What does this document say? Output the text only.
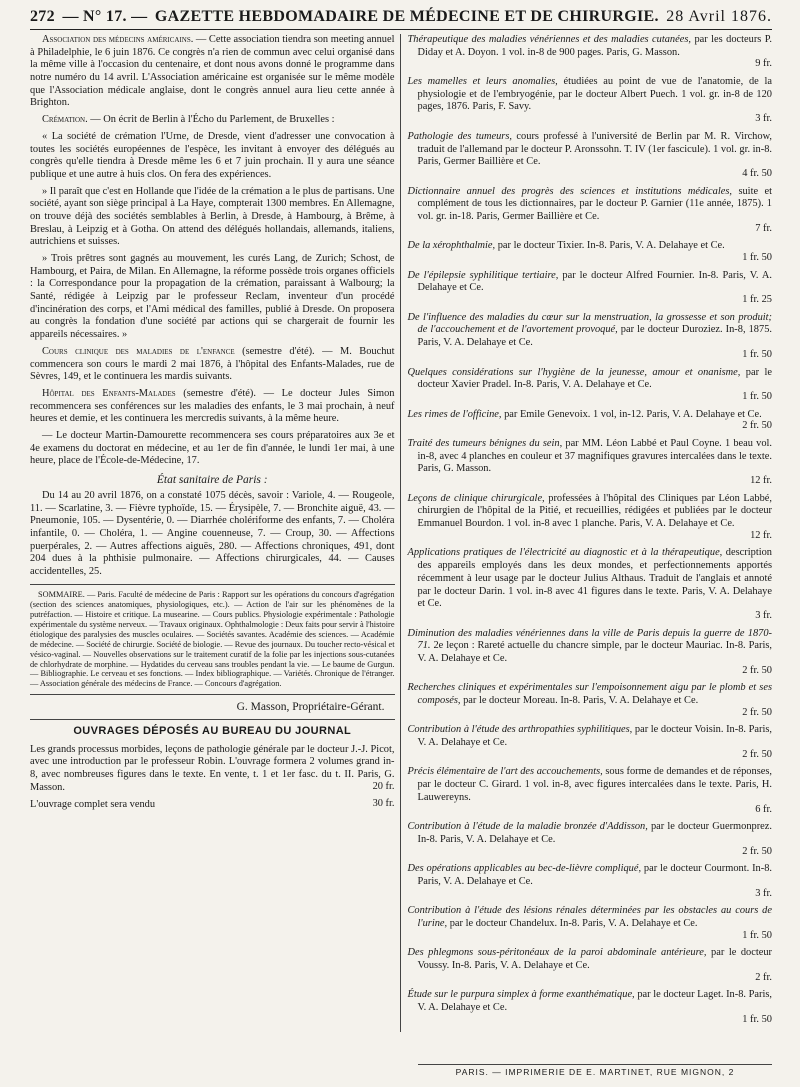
272 — N° 17. — GAZETTE HEBDOMADAIRE DE MÉDECINE ET DE CHIRURGIE. 28 Avril 1876.

Association des médecins américains. — Cette association tiendra son meeting annuel à Philadelphie, le 6 juin 1876. Ce congrès n'a rien de commun avec celui organisé dans la même ville à l'occasion du centenaire, et dont nous avons donné le programme dans notre numéro du 14 avril. L'Association américaine est organisée sur le même modèle que l'Association médicale anglaise, dont le congrès annuel aura lieu cette année à Brighton.

Crémation. — On écrit de Berlin à l'Écho du Parlement, de Bruxelles :

« La société de crémation l'Urne, de Dresde, vient d'adresser une convocation à toutes les sociétés européennes de l'espèce, les invitant à envoyer des délégués au congrès qu'elle tiendra à Dresde même les 6 et 7 juin prochain. Il y aura une séance publique et une autre à huis clos. On fera des expériences.

» Il paraît que c'est en Hollande que l'idée de la crémation a le plus de partisans. Une société, ayant son siège principal à La Haye, compterait 1300 membres. En Allemagne, on trouve déjà des sociétés semblables à Berlin, à Dresde, à Hambourg, à Brême, à Breslau, à Leipzig et à Gotha. On attend des délégués hollandais, allemands, italiens, autrichiens et suisses.

» Trois prêtres sont gagnés au mouvement, les curés Lang, de Zurich; Schost, de Hambourg, et Paira, de Milan. En Allemagne, la réforme possède trois organes officiels : la Correspondance pour la propagation de la crémation, paraissant à Walbourg; la Santé, rédigée à Leipzig par le professeur Reclam, inventeur d'un procédé d'incinération des corps, et l'Ami médical des familles, publié à Dresde. On proposera au congrès la fondation d'une société par actions qui se chargerait de fournir les appareils nécessaires. »

Cours clinique des maladies de l'enfance (semestre d'été). — M. Bouchut commencera son cours le mardi 2 mai 1876, à l'hôpital des Enfants-Malades, rue de Sèvres, 149, et le continuera les mardis suivants.

Hôpital des Enfants-Malades (semestre d'été). — Le docteur Jules Simon recommencera ses conférences sur les maladies des enfants, le 3 mai prochain, à neuf heures et demie, et les continuera les mercredis suivants, à la même heure.

— Le docteur Martin-Damourette recommencera ses cours préparatoires aux 3e et 4e examens du doctorat en médecine, et au 1er de fin d'année, le lundi 1er mai, à une heure, place de l'École-de-Médecine, 17.

État sanitaire de Paris :

Du 14 au 20 avril 1876, on a constaté 1075 décès, savoir : Variole, 4. — Rougeole, 11. — Scarlatine, 3. — Fièvre typhoïde, 15. — Érysipèle, 7. — Bronchite aiguë, 43. — Pneumonie, 105. — Dysentérie, 0. — Diarrhée cholériforme des enfants, 7. — Choléra infantile, 0. — Choléra, 1. — Angine couenneuse, 7. — Croup, 30. — Affections puerpérales, 2. — Autres affections aiguës, 280. — Affections chroniques, 491, dont 204 dues à la phthisie pulmonaire. — Affections chirurgicales, 44. — Causes accidentelles, 25.

SOMMAIRE. — Paris. Faculté de médecine de Paris : Rapport sur les opérations du concours d'agrégation (section des sciences anatomiques, physiologiques, etc.). — Action de l'air sur les phénomènes de la putréfaction. — Histoire et critique. La musearine. — Cours publics. Physiologie expérimentale : Pathologie expérimentale du système nerveux. — Travaux originaux. Ophthalmologie : Deux faits pour servir à l'histoire étiologique des paralysies des muscles oculaires. — Sociétés savantes. Académie des sciences. — Académie de médecine. — Société de chirurgie. Société de biologie. — Revue des journaux. Du toucher recto-vésical et vésico-vaginal. — Nouvelles observations sur le traitement curatif de la folie par les injections sous-cutanées de chlorhydrate de morphine. — Hydatides du cerveau sans troubles pendant la vie. — Le baume de Gurgun. — Bibliographie. Le cerveau et ses fonctions. — Index bibliographique. — Variétés. Chronique de l'étranger. — Association générale des médecins de France. — Concours d'agrégation.

G. Masson, Propriétaire-Gérant.
OUVRAGES DÉPOSÉS AU BUREAU DU JOURNAL

Les grands processus morbides, leçons de pathologie générale par le docteur J.-J. Picot, avec une introduction par le professeur Robin. L'ouvrage formera 2 volumes grand in-8, avec nombreuses figures dans le texte. En vente, t. 1 et 1er fasc. du t. II. Paris, G. Masson.	20 fr.

L'ouvrage complet sera vendu	30 fr.

Thérapeutique des maladies vénériennes et des maladies cutanées, par les docteurs P. Diday et A. Doyon. 1 vol. in-8 de 900 pages. Paris, G. Masson.
9 fr.
Les mamelles et leurs anomalies, étudiées au point de vue de l'anatomie, de la physiologie et de l'embryogénie, par le docteur Albert Puech. 1 vol. gr. in-8 de 120 pages, 1876. Paris, F. Savy.
3 fr.
Pathologie des tumeurs, cours professé à l'université de Berlin par M. R. Virchow, traduit de l'allemand par le docteur P. Aronssohn. T. IV (1er fascicule). 1 vol. gr. in-8. Paris, Germer Baillière et Ce.
4 fr. 50
Dictionnaire annuel des progrès des sciences et institutions médicales, suite et complément de tous les dictionnaires, par le docteur P. Garnier (11e année, 1875). 1 vol. gr. in-18. Paris, Germer Baillière et Ce.
7 fr.
De la xérophthalmie, par le docteur Tixier. In-8. Paris, V. A. Delahaye et Ce.
1 fr. 50
De l'épilepsie syphilitique tertiaire, par le docteur Alfred Fournier. In-8. Paris, V. A. Delahaye et Ce.
1 fr. 25
De l'influence des maladies du cœur sur la menstruation, la grossesse et son produit; de l'accouchement et de l'avortement provoqué, par le docteur Duroziez. In-8, 1875. Paris, V. A. Delahaye et Ce.
1 fr. 50
Quelques considérations sur l'hygiène de la jeunesse, amour et onanisme, par le docteur Xavier Pradel. In-8. Paris, V. A. Delahaye et Ce.
1 fr. 50
Les rimes de l'officine, par Emile Genevoix. 1 vol, in-12. Paris, V. A. Delahaye et Ce.
2 fr. 50
Traité des tumeurs bénignes du sein, par MM. Léon Labbé et Paul Coyne. 1 beau vol. in-8, avec 4 planches en couleur et 37 magnifiques gravures intercalées dans le texte. Paris, G. Masson.
12 fr.
Leçons de clinique chirurgicale, professées à l'hôpital des Cliniques par Léon Labbé, chirurgien de l'hôpital de la Pitié, et recueillies, rédigées et publiées par le docteur Emmanuel Bourdon. 1 vol. in-8 avec 1 planche. Paris, V. A. Delahaye et Ce.
12 fr.
Applications pratiques de l'électricité au diagnostic et à la thérapeutique, description des appareils employés dans les deux mondes, et perfectionnements apportés récemment à leur usage par le docteur Julius Althaus. Traduit de l'anglais et annoté par le docteur Darin. 1 vol. in-8 avec 41 figures dans le texte. Paris, V. A. Delahaye et Ce.
3 fr.
Diminution des maladies vénériennes dans la ville de Paris depuis la guerre de 1870-71. 2e leçon : Rareté actuelle du chancre simple, par le docteur Mauriac. In-8. Paris, V. A. Delahaye et Ce.
2 fr. 50
Recherches cliniques et expérimentales sur l'empoisonnement aigu par le plomb et ses composés, par le docteur Moreau. In-8. Paris, V. A. Delahaye et Ce.
2 fr. 50
Contribution à l'étude des arthropathies syphilitiques, par le docteur Voisin. In-8. Paris, V. A. Delahaye et Ce.
2 fr. 50
Précis élémentaire de l'art des accouchements, sous forme de demandes et de réponses, par le docteur C. Girard. 1 vol. in-8, avec figures intercalées dans le texte. Paris, H. Lauwereyns.
6 fr.
Contribution à l'étude de la maladie bronzée d'Addisson, par le docteur Guermonprez. In-8. Paris, V. A. Delahaye et Ce.
2 fr. 50
Des opérations applicables au bec-de-lièvre compliqué, par le docteur Courmont. In-8. Paris, V. A. Delahaye et Ce.
3 fr.
Contribution à l'étude des lésions rénales déterminées par les obstacles au cours de l'urine, par le docteur Chandelux. In-8. Paris, V. A. Delahaye et Ce.
1 fr. 50
Des phlegmons sous-péritonéaux de la paroi abdominale antérieure, par le docteur Voussy. In-8. Paris, V. A. Delahaye et Ce.
2 fr.
Étude sur le purpura simplex à forme exanthématique, par le docteur Laget. In-8. Paris, V. A. Delahaye et Ce.
1 fr. 50
PARIS. — IMPRIMERIE DE E. MARTINET, RUE MIGNON, 2
